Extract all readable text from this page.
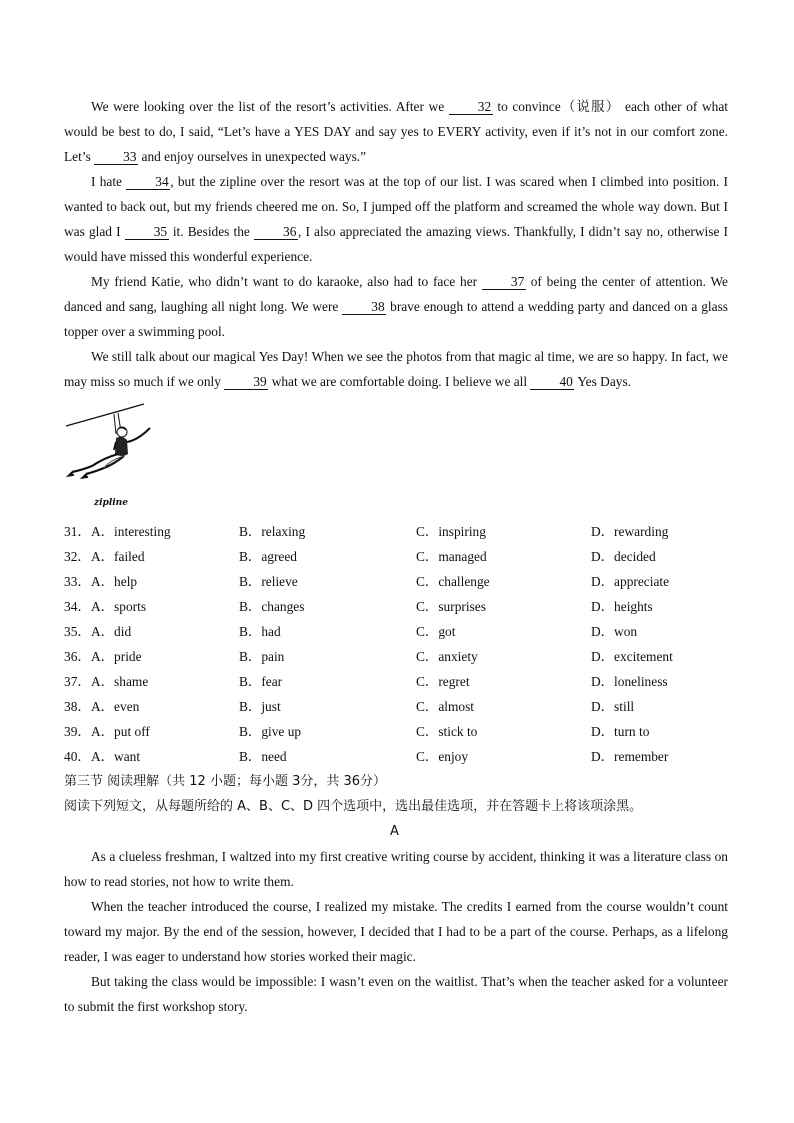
We were looking over the list of the resort’s activities. After we	32 to convince（说服） each other of what would be best to do, I said, “Let’s have a YES DAY and say yes to EVERY activity, even if it’s not in our comfort zone. Let’s 33 and enjoy ourselves in unexpected ways.”

I hate 34 , but the zipline over the resort was at the top of our list. I was scared when I climbed into position. I wanted to back out, but my friends cheered me on. So, I jumped off the platform and screamed the whole way down. But I was glad I 35 it. Besides the 36 , I also appreciated the amazing views. Thankfully, I didn’t say no, otherwise I would have missed this wonderful experience.

My friend Katie, who didn’t want to do karaoke, also had to face her	37 of being the center of attention. We danced and sang, laughing all night long. We were 38 brave enough to attend a wedding party and danced on a glass topper over a swimming pool.

We still talk about our magical Yes Day! When we see the photos from that magic al time, we are so happy. In fact, we may miss so much if we only 39 what we are comfortable doing. I believe we all 40 Yes Days.

zipline
31． A．interesting	B．relaxing	C．inspiring	D．rewarding
32． A．failed	B．agreed	C．managed	D．decided
33． A．help	B．relieve	C．challenge	D．appreciate
34． A．sports	B．changes	C．surprises	D．heights
35． A．did	B．had	C．got	D．won
36． A．pride	B．pain	C．anxiety	D．excitement
37． A．shame	B．fear	C．regret	D．loneliness
38． A．even	B．just	C．almost	D．still
39． A．put off	B．give up	C．stick to	D．turn to
40． A．want	B．need	C．enjoy	D．remember
第三节 阅读理解（共 12 小题；每小题 3分，共 36分）
阅读下列短文，从每题所给的 A、B、C、D 四个选项中，选出最佳选项，并在答题卡上将该项涂黑。
A

As a clueless freshman, I waltzed into my first creative writing course by accident, thinking it was a literature class on how to read stories, not how to write them.

When the teacher introduced the course, I realized my mistake. The credits I earned from the course wouldn’t count toward my major. By the end of the session, however, I decided that I had to be a part of the course. Perhaps, as a lifelong reader, I was eager to understand how stories worked their magic.

But taking the class would be impossible: I wasn’t even on the waitlist. That’s when the teacher asked for a volunteer to submit the first workshop story.
